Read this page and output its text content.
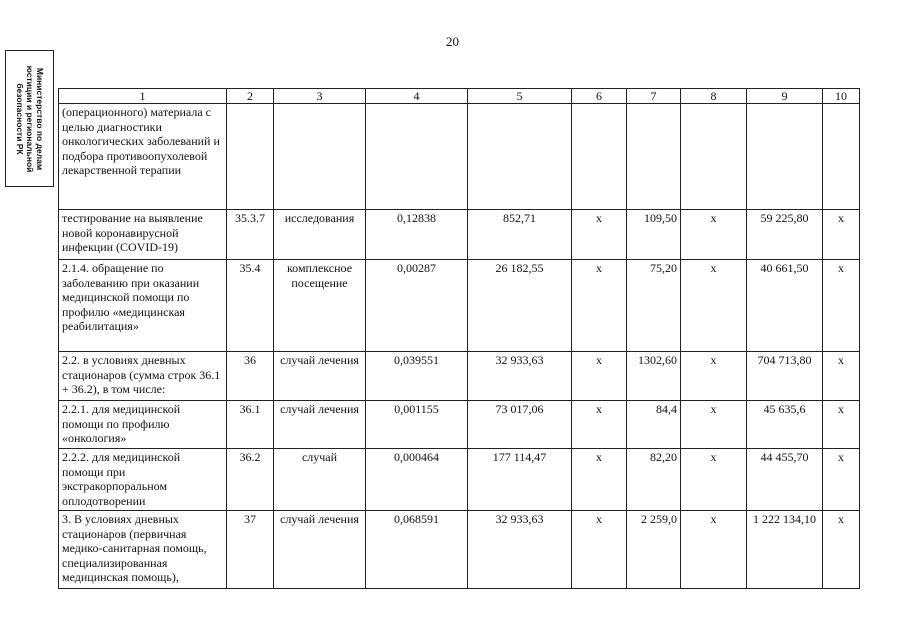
20
Министерство по делам юстиции и региональной безопасности РК	1	2	3	4	5	6	7	8	9	10
(операционного) материала с целью диагностики онкологических заболеваний и подбора противоопухолевой лекарственной терапии									
тестирование на выявление новой коронавирусной инфекции (COVID-19)	35.3.7	исследования	0,12838	852,71	х	109,50	х	59 225,80	х
2.1.4. обращение по заболеванию при оказании медицинской помощи по профилю «медицинская реабилитация»	35.4	комплексное посещение	0,00287	26 182,55	х	75,20	х	40 661,50	х
2.2. в условиях дневных стационаров (сумма строк 36.1 + 36.2), в том числе:	36	случай лечения	0,039551	32 933,63	х	1302,60	х	704 713,80	х
2.2.1. для медицинской помощи по профилю «онкология»	36.1	случай лечения	0,001155	73 017,06	х	84,4	х	45 635,6	х
2.2.2. для медицинской помощи при экстракорпоральном оплодотворении	36.2	случай	0,000464	177 114,47	х	82,20	х	44 455,70	х
3. В условиях дневных стационаров (первичная медико-санитарная помощь, специализированная медицинская помощь),	37	случай лечения	0,068591	32 933,63	х	2 259,0	х	1 222 134,10	х
